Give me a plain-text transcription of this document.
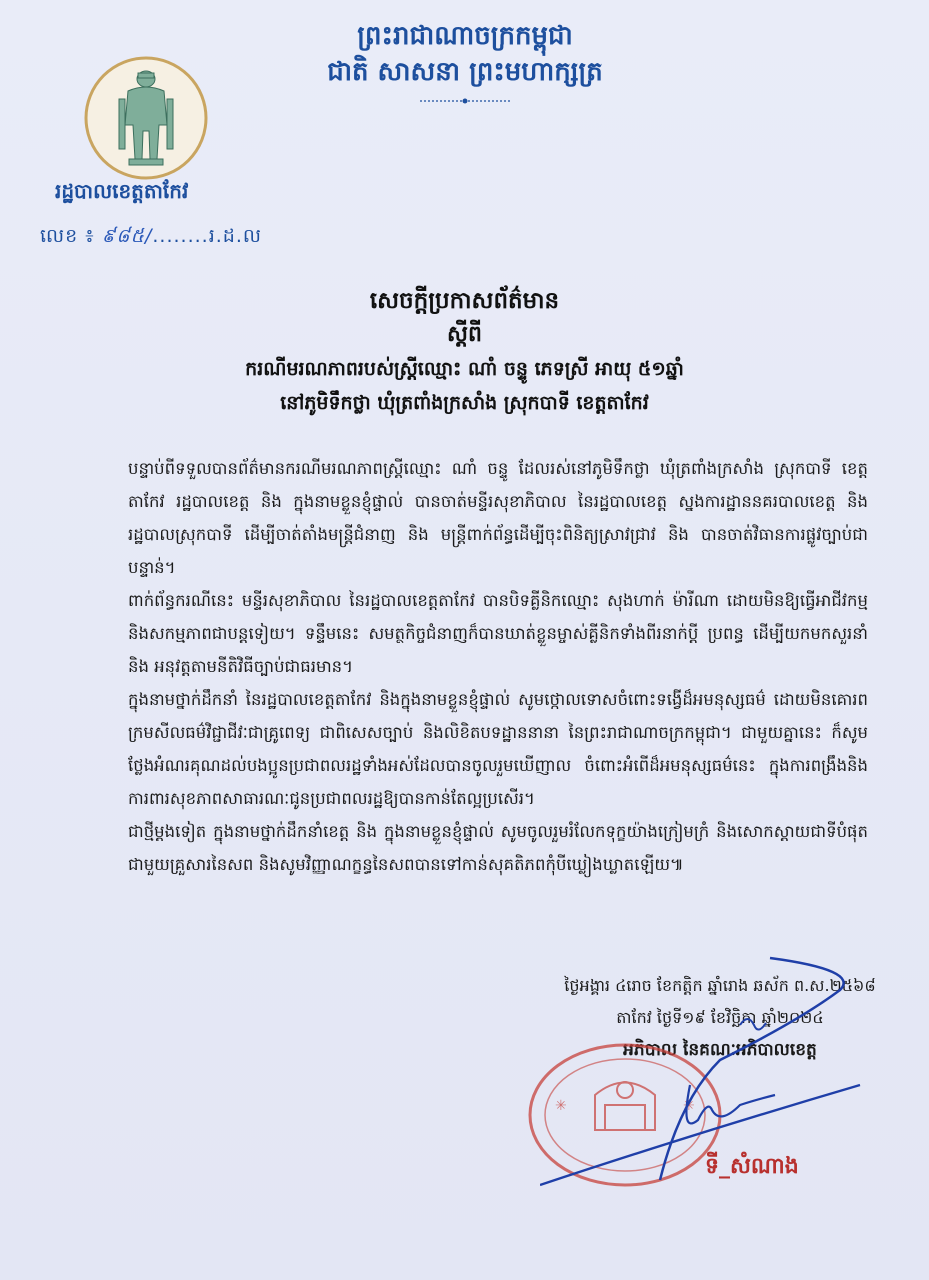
ព្រះរាជាណាចក្រកម្ពុជា
ជាតិ សាសនា ព្រះមហាក្សត្រ
រដ្ឋបាលខេត្តតាកែវ
លេខ ៖ ៩៨៥/........រ.ដ.ល
សេចក្តីប្រកាសព័ត៌មាន
ស្តីពី
ករណីមរណភាពរបស់ស្ត្រីឈ្មោះ ណាំ ចន្ទូ ភេទស្រី អាយុ ៥១ឆ្នាំ
នៅភូមិទឹកថ្លា ឃុំត្រពាំងក្រសាំង ស្រុកបាទី ខេត្តតាកែវ

បន្ទាប់ពីទទួលបានព័ត៌មានករណីមរណភាពស្ត្រីឈ្មោះ ណាំ ចន្ទូ ដែលរស់នៅភូមិទឹកថ្លា ឃុំត្រពាំងក្រសាំង ស្រុកបាទី ខេត្តតាកែវ រដ្ឋបាលខេត្ត និង ក្នុងនាមខ្លួនខ្ញុំផ្ទាល់ បានចាត់មន្ទីរសុខាភិបាល នៃរដ្ឋបាលខេត្ត ស្នងការដ្ឋាននគរបាលខេត្ត និង រដ្ឋបាលស្រុកបាទី ដើម្បីចាត់តាំងមន្ត្រីជំនាញ និង មន្ត្រីពាក់ព័ន្ធដើម្បីចុះពិនិត្យស្រាវជ្រាវ និង បានចាត់វិធានការផ្លូវច្បាប់ជាបន្ទាន់។

ពាក់ព័ន្ធករណីនេះ មន្ទីរសុខាភិបាល នៃរដ្ឋបាលខេត្តតាកែវ បានបិទគ្លីនិកឈ្មោះ សុងហាក់ ម៉ារីណា ដោយមិនឱ្យធ្វើអាជីវកម្ម និងសកម្មភាពជាបន្តទៀយ។ ទន្ទឹមនេះ សមត្ថកិច្ចជំនាញក៏បានឃាត់ខ្លួនម្ចាស់គ្លីនិកទាំងពីរនាក់ប្តី ប្រពន្ធ ដើម្បីយកមកសួរនាំ និង អនុវត្តតាមនីតិវិធីច្បាប់ជាធរមាន។

ក្នុងនាមថ្នាក់ដឹកនាំ នៃរដ្ឋបាលខេត្តតាកែវ និងក្នុងនាមខ្លួនខ្ញុំផ្ទាល់ សូមថ្កោលទោសចំពោះទង្វើដ៏អមនុស្សធម៌ ដោយមិនគោរពក្រមសីលធម៌វិជ្ជាជីវៈជាគ្រូពេទ្យ ជាពិសេសច្បាប់ និងលិខិតបទដ្ឋាននានា នៃព្រះរាជាណាចក្រកម្ពុជា។ ជាមួយគ្នានេះ ក៏សូមថ្លែងអំណរគុណដល់បងប្អូនប្រជាពលរដ្ឋទាំងអស់ដែលបានចូលរួមឃើញាល ចំពោះអំពើដ៏អមនុស្សធម៌នេះ ក្នុងការពង្រឹងនិងការពារសុខភាពសាធារណៈជូនប្រជាពលរដ្ឋឱ្យបានកាន់តែល្អប្រសើរ។

ជាថ្មីម្តងទៀត ក្នុងនាមថ្នាក់ដឹកនាំខេត្ត និង ក្នុងនាមខ្លួនខ្ញុំផ្ទាល់ សូមចូលរួមរំលែកទុក្ខយ៉ាងក្រៀមក្រំ និងសោកស្តាយជាទីបំផុតជាមួយគ្រួសារនៃសព និងសូមវិញ្ញាណក្ខន្ធនៃសពបានទៅកាន់សុគតិភពកុំបីឃ្លៀងឃ្លាតឡើយ៕

ថ្ងៃអង្គារ ៤រោច ខែកត្តិក ឆ្នាំរោង ឆស័ក ព.ស.២៥៦៨
តាកែវ ថ្ងៃទី១៩ ខែវិច្ឆិកា ឆ្នាំ២០២៤
អភិបាល នៃគណៈអភិបាលខេត្ត
✳	✳
ទី_សំណាង
